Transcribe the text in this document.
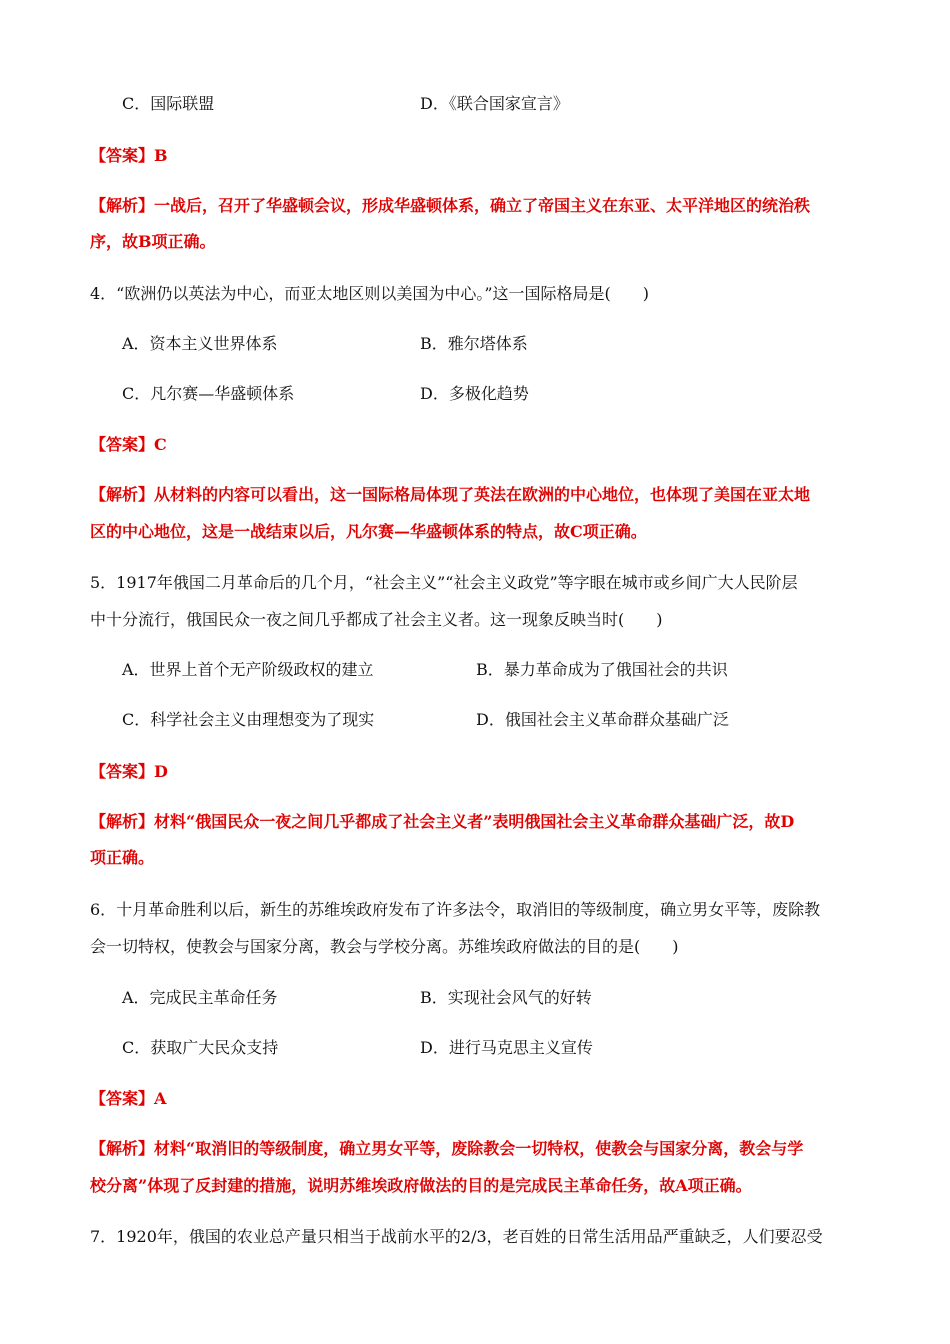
C．国际联盟	D．《联合国家宣言》
【答案】B
【解析】一战后，召开了华盛顿会议，形成华盛顿体系，确立了帝国主义在东亚、太平洋地区的统治秩
序，故B项正确。
4．“欧洲仍以英法为中心，而亚太地区则以美国为中心。”这一国际格局是(　　)
A．资本主义世界体系	B．雅尔塔体系
C．凡尔赛—华盛顿体系	D．多极化趋势
【答案】C
【解析】从材料的内容可以看出，这一国际格局体现了英法在欧洲的中心地位，也体现了美国在亚太地
区的中心地位，这是一战结束以后，凡尔赛—华盛顿体系的特点，故C项正确。
5．1917年俄国二月革命后的几个月，“社会主义”“社会主义政党”等字眼在城市或乡间广大人民阶层
中十分流行，俄国民众一夜之间几乎都成了社会主义者。这一现象反映当时(　　)
A．世界上首个无产阶级政权的建立	B．暴力革命成为了俄国社会的共识
C．科学社会主义由理想变为了现实	D．俄国社会主义革命群众基础广泛
【答案】D
【解析】材料“俄国民众一夜之间几乎都成了社会主义者”表明俄国社会主义革命群众基础广泛，故D
项正确。
6．十月革命胜利以后，新生的苏维埃政府发布了许多法令，取消旧的等级制度，确立男女平等，废除教
会一切特权，使教会与国家分离，教会与学校分离。苏维埃政府做法的目的是(　　)
A．完成民主革命任务	B．实现社会风气的好转
C．获取广大民众支持	D．进行马克思主义宣传
【答案】A
【解析】材料“取消旧的等级制度，确立男女平等，废除教会一切特权，使教会与国家分离，教会与学
校分离”体现了反封建的措施，说明苏维埃政府做法的目的是完成民主革命任务，故A项正确。
7．1920年，俄国的农业总产量只相当于战前水平的2/3，老百姓的日常生活用品严重缺乏，人们要忍受
